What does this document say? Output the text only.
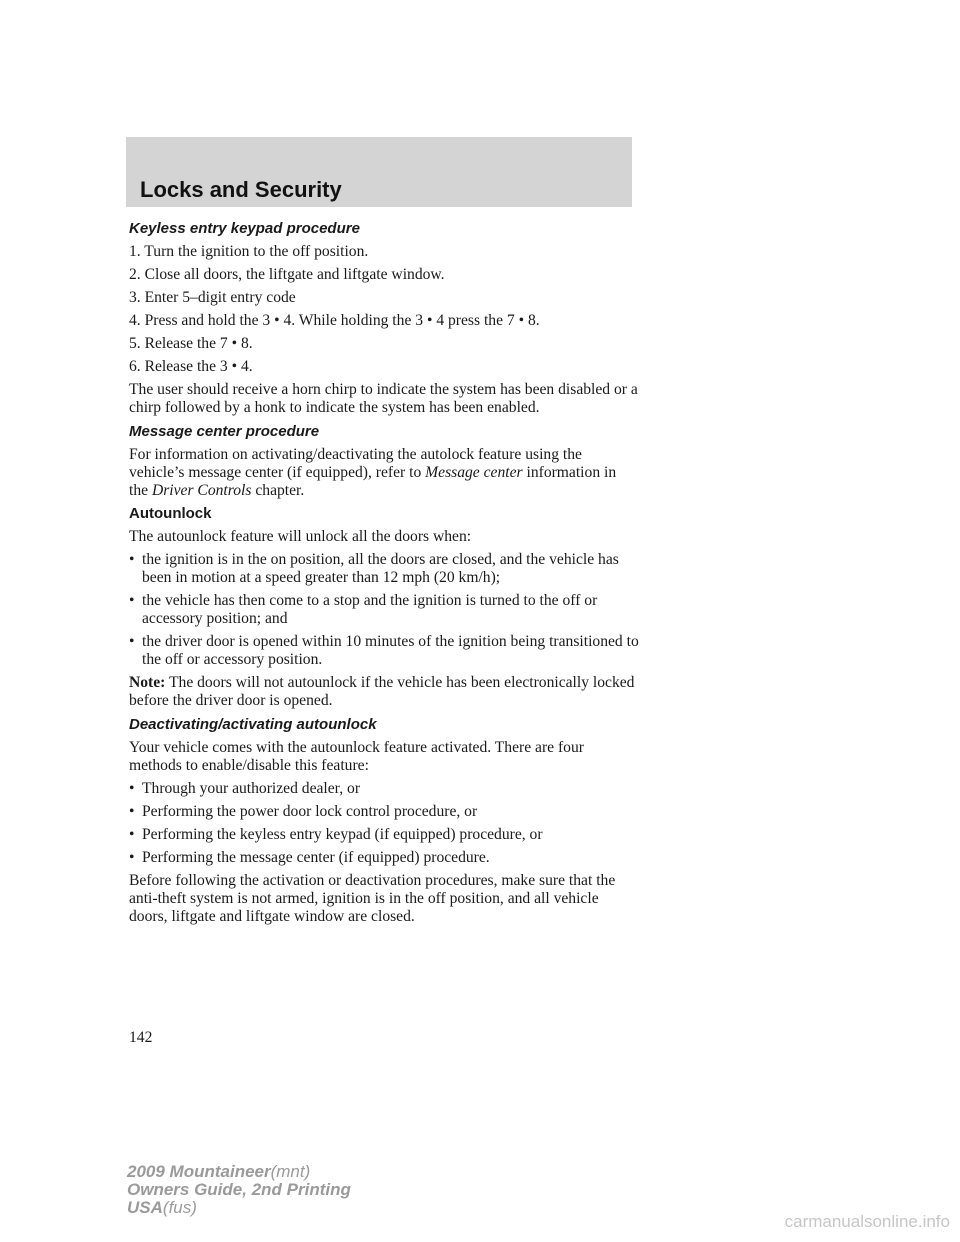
Locks and Security

Keyless entry keypad procedure

1. Turn the ignition to the off position.

2. Close all doors, the liftgate and liftgate window.

3. Enter 5–digit entry code

4. Press and hold the 3 • 4. While holding the 3 • 4 press the 7 • 8.

5. Release the 7 • 8.

6. Release the 3 • 4.

The user should receive a horn chirp to indicate the system has been disabled or a chirp followed by a honk to indicate the system has been enabled.

Message center procedure

For information on activating/deactivating the autolock feature using the vehicle’s message center (if equipped), refer to Message center information in the Driver Controls chapter.

Autounlock

The autounlock feature will unlock all the doors when:

• the ignition is in the on position, all the doors are closed, and the vehicle has been in motion at a speed greater than 12 mph (20 km/h);
• the vehicle has then come to a stop and the ignition is turned to the off or accessory position; and
• the driver door is opened within 10 minutes of the ignition being transitioned to the off or accessory position.

Note: The doors will not autounlock if the vehicle has been electronically locked before the driver door is opened.

Deactivating/activating autounlock

Your vehicle comes with the autounlock feature activated. There are four methods to enable/disable this feature:

• Through your authorized dealer, or
• Performing the power door lock control procedure, or
• Performing the keyless entry keypad (if equipped) procedure, or
• Performing the message center (if equipped) procedure.

Before following the activation or deactivation procedures, make sure that the anti-theft system is not armed, ignition is in the off position, and all vehicle doors, liftgate and liftgate window are closed.

142
2009 Mountaineer(mnt)
Owners Guide, 2nd Printing
USA(fus)
carmanualsonline.info
